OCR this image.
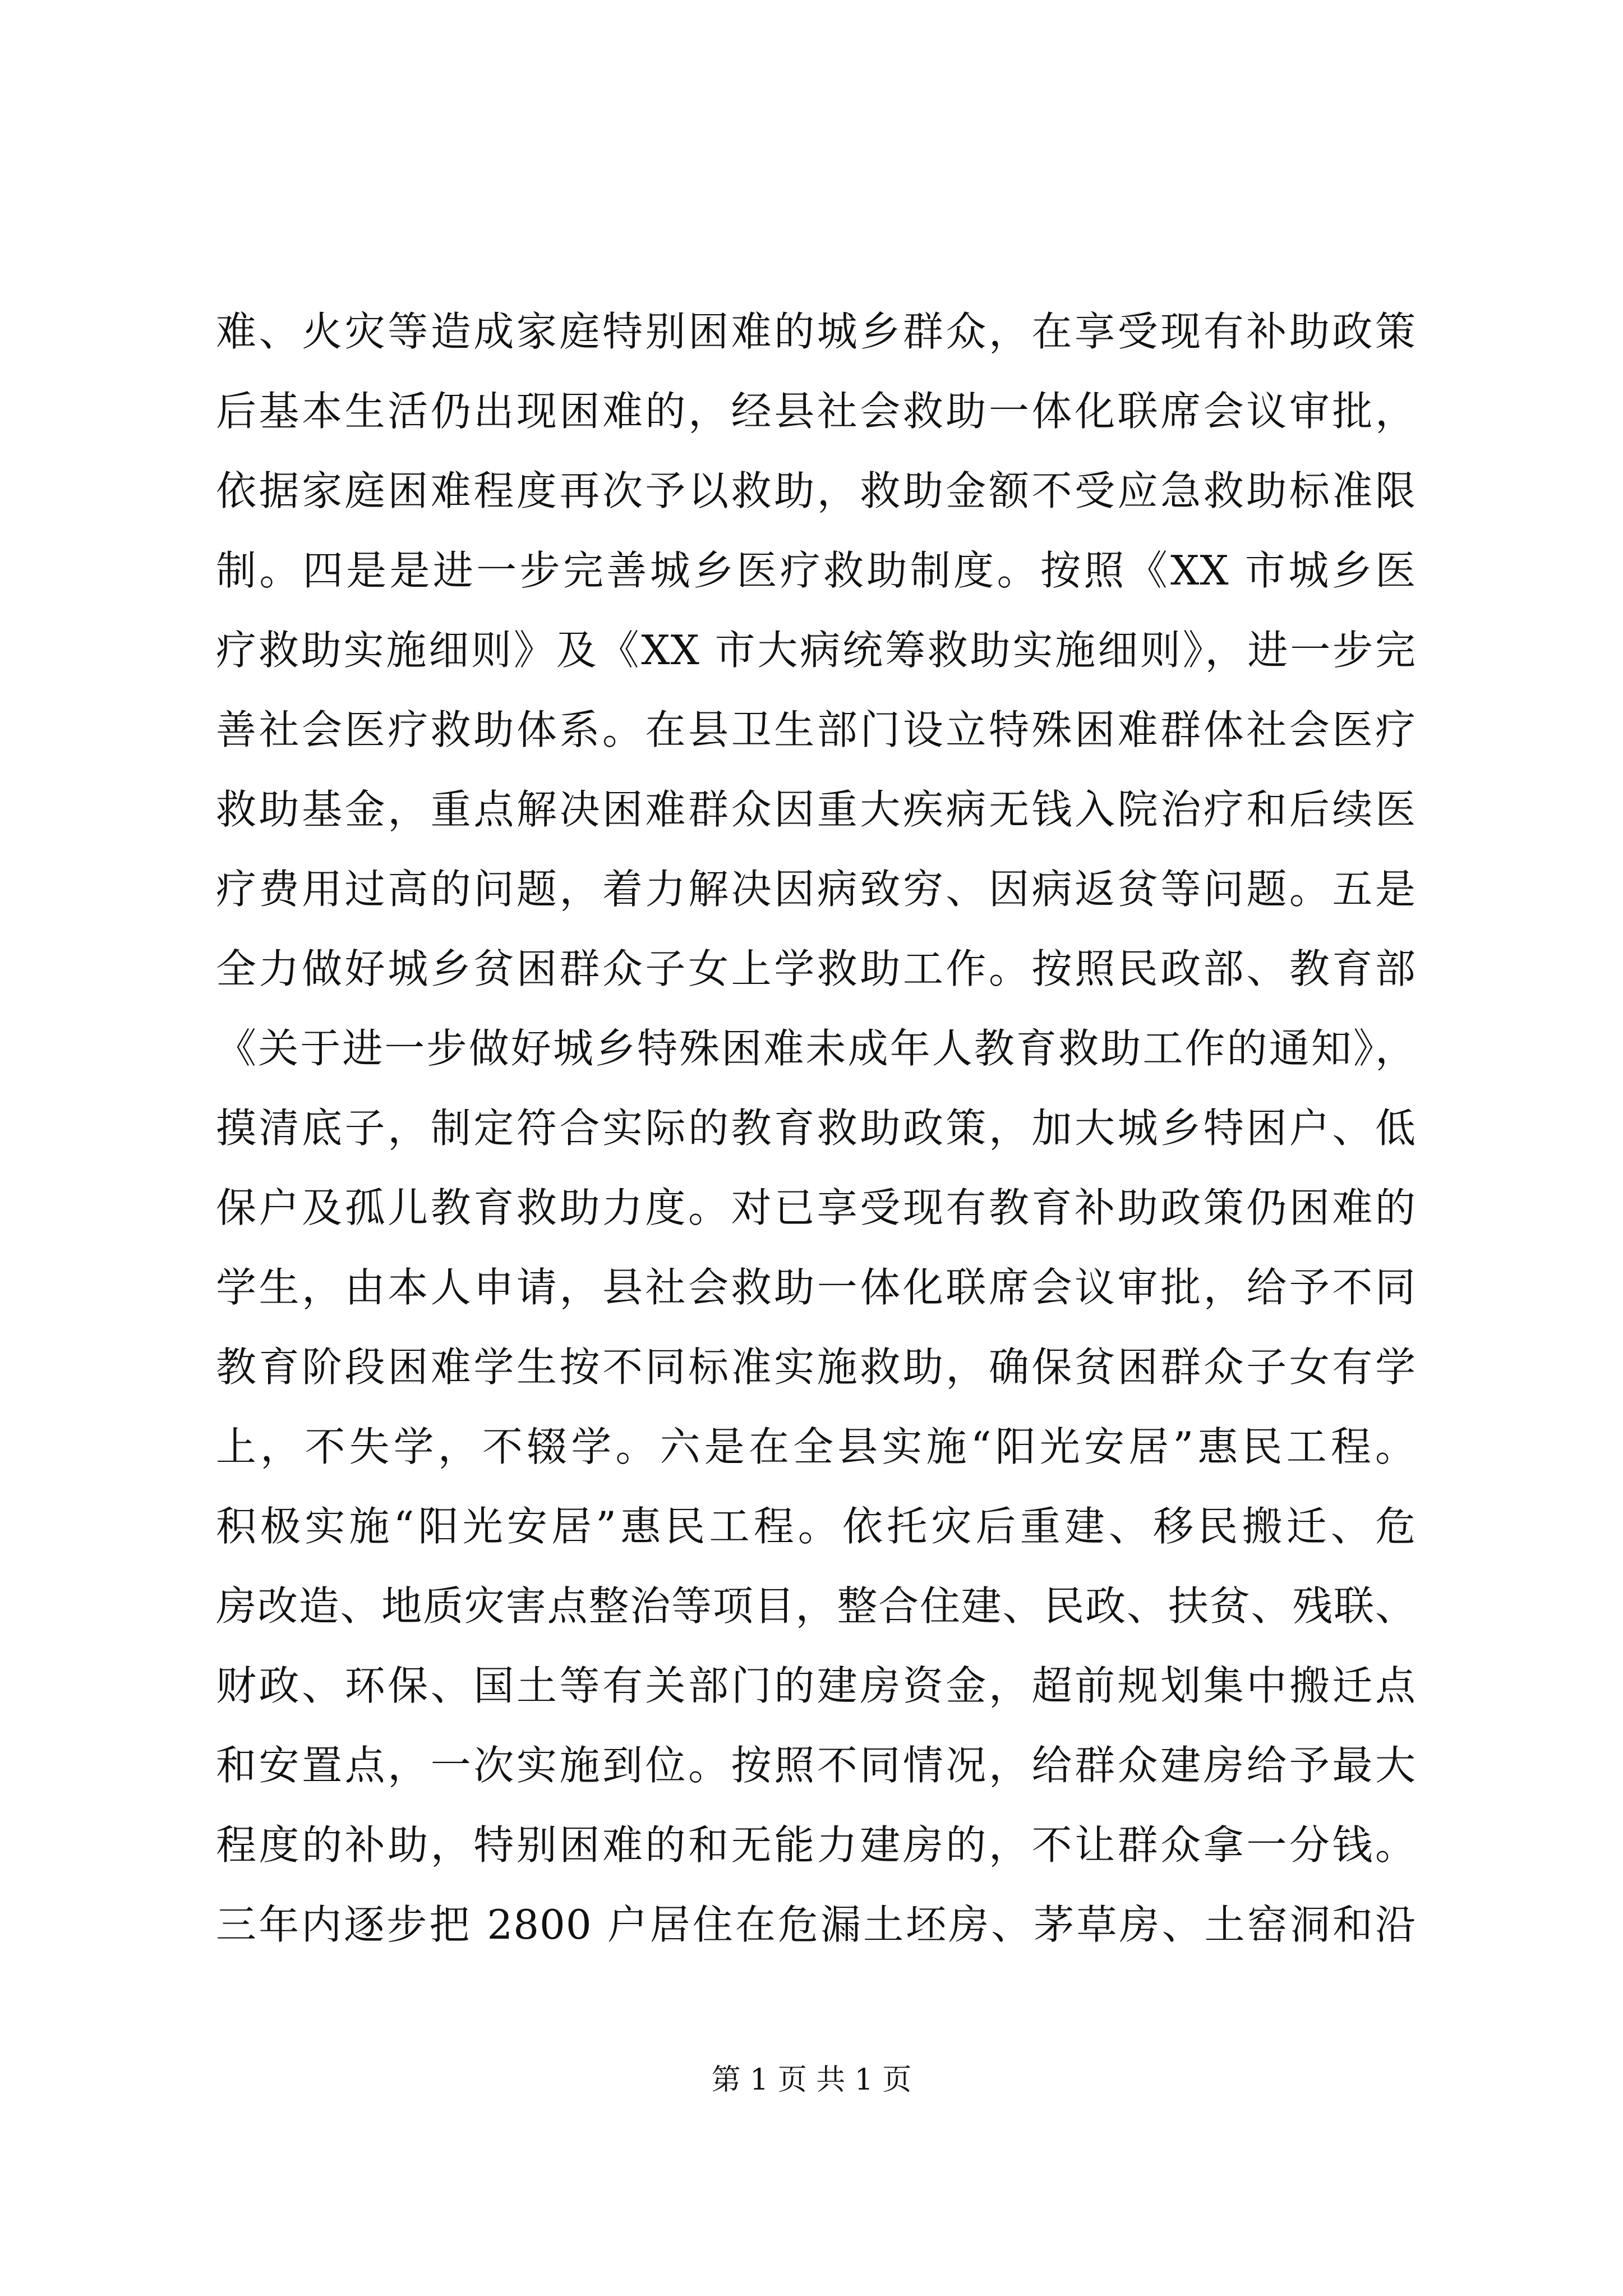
难、火灾等造成家庭特别困难的城乡群众，在享受现有补助政策
后基本生活仍出现困难的，经县社会救助一体化联席会议审批，
依据家庭困难程度再次予以救助，救助金额不受应急救助标准限
制。四是是进一步完善城乡医疗救助制度。按照《XX 市城乡医
疗救助实施细则》及《XX 市大病统筹救助实施细则》，进一步完
善社会医疗救助体系。在县卫生部门设立特殊困难群体社会医疗
救助基金，重点解决困难群众因重大疾病无钱入院治疗和后续医
疗费用过高的问题，着力解决因病致穷、因病返贫等问题。五是
全力做好城乡贫困群众子女上学救助工作。按照民政部、教育部
《关于进一步做好城乡特殊困难未成年人教育救助工作的通知》，
摸清底子，制定符合实际的教育救助政策，加大城乡特困户、低
保户及孤儿教育救助力度。对已享受现有教育补助政策仍困难的
学生，由本人申请，县社会救助一体化联席会议审批，给予不同
教育阶段困难学生按不同标准实施救助，确保贫困群众子女有学
上，不失学，不辍学。六是在全县实施“阳光安居”惠民工程。
积极实施“阳光安居”惠民工程。依托灾后重建、移民搬迁、危
房改造、地质灾害点整治等项目，整合住建、民政、扶贫、残联、
财政、环保、国土等有关部门的建房资金，超前规划集中搬迁点
和安置点，一次实施到位。按照不同情况，给群众建房给予最大
程度的补助，特别困难的和无能力建房的，不让群众拿一分钱。
三年内逐步把 2800 户居住在危漏土坯房、茅草房、土窑洞和沿
第 1 页 共 1 页
